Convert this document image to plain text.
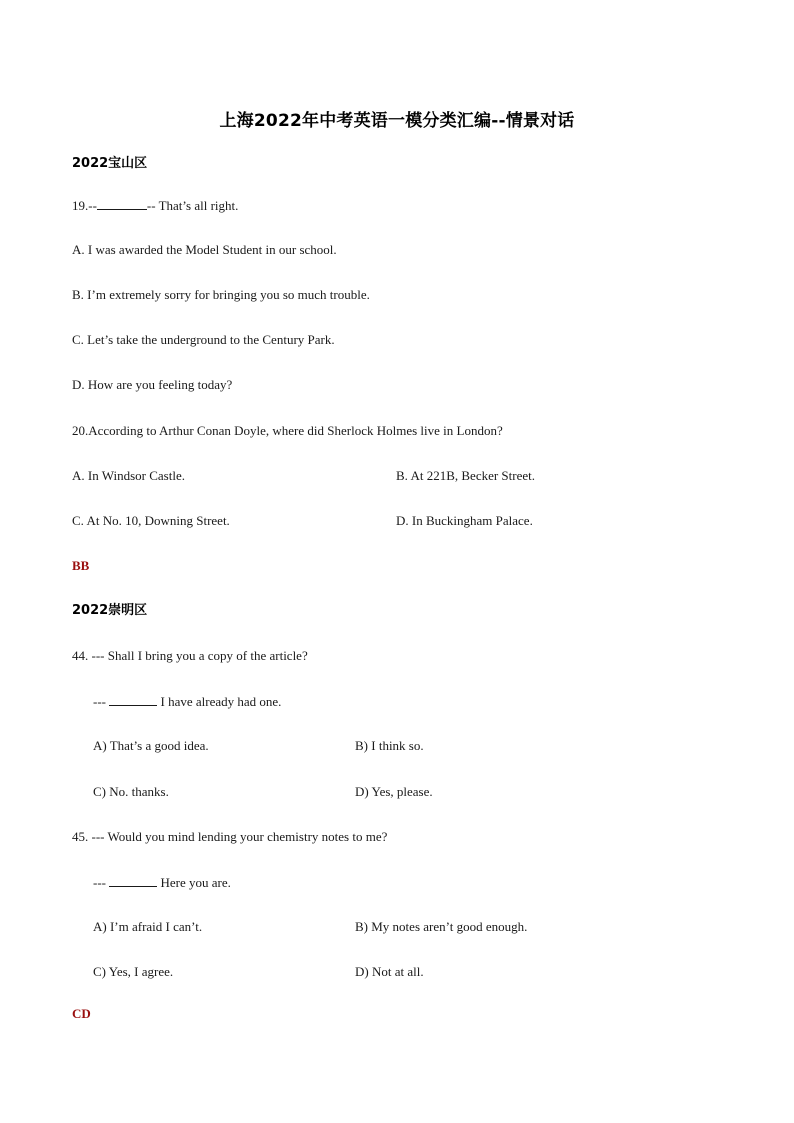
上海2022年中考英语一模分类汇编--情景对话
2022宝山区
19.--	-- That’s all right.
A. I was awarded the Model Student in our school.
B. I’m extremely sorry for bringing you so much trouble.
C. Let’s take the underground to the Century Park.
D. How are you feeling today?
20.According to Arthur Conan Doyle, where did Sherlock Holmes live in London?
A. In Windsor Castle.	B. At 221B, Becker Street.
C. At No. 10, Downing Street.	D. In Buckingham Palace.
BB
2022崇明区
44. --- Shall I bring you a copy of the article?
---	I have already had one.
A) That’s a good idea.	B) I think so.
C) No. thanks.	D) Yes, please.
45. --- Would you mind lending your chemistry notes to me?
---	Here you are.
A) I’m afraid I can’t.	B) My notes aren’t good enough.
C) Yes, I agree.	D) Not at all.
CD
